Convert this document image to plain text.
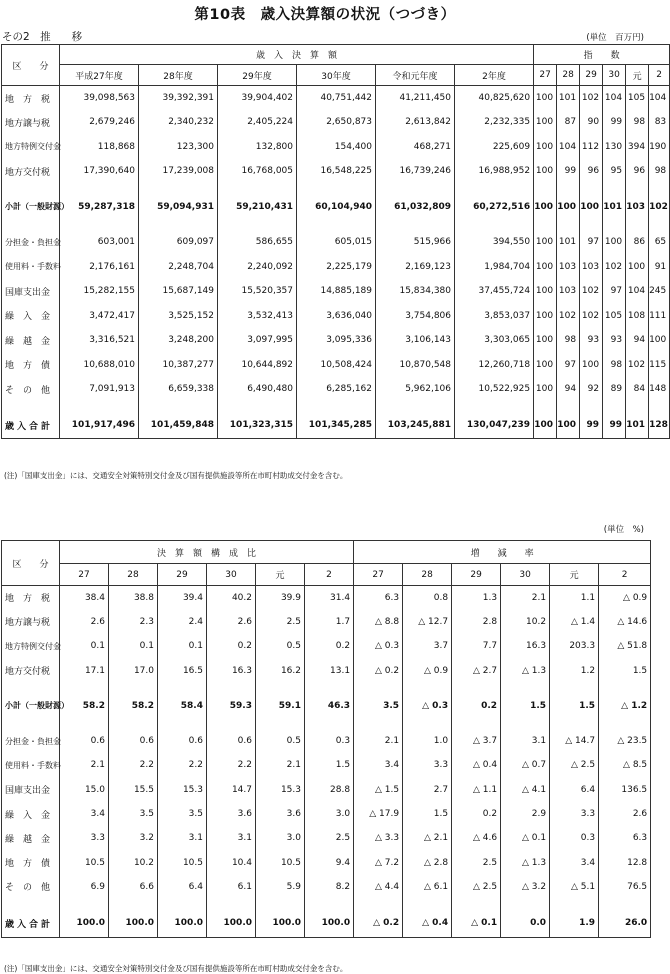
第10表　歳入決算額の状況（つづき）
その2　推　　移	(単位　百万円)
区　　分	歳　入　決　算　額						指　　数					
	平成27年度	28年度	29年度	30年度	令和元年度	2年度	27	28	29	30	元	2
地　方　税	39,098,563	39,392,391	39,904,402	40,751,442	41,211,450	40,825,620	100	101	102	104	105	104
地方譲与税	2,679,246	2,340,232	2,405,224	2,650,873	2,613,842	2,232,335	100	87	90	99	98	83
地方特例交付金	118,868	123,300	132,800	154,400	468,271	225,609	100	104	112	130	394	190
地方交付税	17,390,640	17,239,008	16,768,005	16,548,225	16,739,246	16,988,952	100	99	96	95	96	98

小計（一般財源）	59,287,318	59,094,931	59,210,431	60,104,940	61,032,809	60,272,516	100	100	100	101	103	102

分担金・負担金	603,001	609,097	586,655	605,015	515,966	394,550	100	101	97	100	86	65
使用料・手数料	2,176,161	2,248,704	2,240,092	2,225,179	2,169,123	1,984,704	100	103	103	102	100	91
国庫支出金	15,282,155	15,687,149	15,520,357	14,885,189	15,834,380	37,455,724	100	103	102	97	104	245
繰　入　金	3,472,417	3,525,152	3,532,413	3,636,040	3,754,806	3,853,037	100	102	102	105	108	111
繰　越　金	3,316,521	3,248,200	3,097,995	3,095,336	3,106,143	3,303,065	100	98	93	93	94	100
地　方　債	10,688,010	10,387,277	10,644,892	10,508,424	10,870,548	12,260,718	100	97	100	98	102	115
そ　の　他	7,091,913	6,659,338	6,490,480	6,285,162	5,962,106	10,522,925	100	94	92	89	84	148

歳入合計	101,917,496	101,459,848	101,323,315	101,345,285	103,245,881	130,047,239	100	100	99	99	101	128
(注)「国庫支出金」には、交通安全対策特別交付金及び国有提供施設等所在市町村助成交付金を含む。
(単位　%)
区　　分	決　算　額　構　成　比						増　　減　　率					
	27	28	29	30	元	2	27	28	29	30	元	2
地　方　税	38.4	38.8	39.4	40.2	39.9	31.4	6.3	0.8	1.3	2.1	1.1	△ 0.9
地方譲与税	2.6	2.3	2.4	2.6	2.5	1.7	△ 8.8	△ 12.7	2.8	10.2	△ 1.4	△ 14.6
地方特例交付金	0.1	0.1	0.1	0.2	0.5	0.2	△ 0.3	3.7	7.7	16.3	203.3	△ 51.8
地方交付税	17.1	17.0	16.5	16.3	16.2	13.1	△ 0.2	△ 0.9	△ 2.7	△ 1.3	1.2	1.5

小計（一般財源）	58.2	58.2	58.4	59.3	59.1	46.3	3.5	△ 0.3	0.2	1.5	1.5	△ 1.2

分担金・負担金	0.6	0.6	0.6	0.6	0.5	0.3	2.1	1.0	△ 3.7	3.1	△ 14.7	△ 23.5
使用料・手数料	2.1	2.2	2.2	2.2	2.1	1.5	3.4	3.3	△ 0.4	△ 0.7	△ 2.5	△ 8.5
国庫支出金	15.0	15.5	15.3	14.7	15.3	28.8	△ 1.5	2.7	△ 1.1	△ 4.1	6.4	136.5
繰　入　金	3.4	3.5	3.5	3.6	3.6	3.0	△ 17.9	1.5	0.2	2.9	3.3	2.6
繰　越　金	3.3	3.2	3.1	3.1	3.0	2.5	△ 3.3	△ 2.1	△ 4.6	△ 0.1	0.3	6.3
地　方　債	10.5	10.2	10.5	10.4	10.5	9.4	△ 7.2	△ 2.8	2.5	△ 1.3	3.4	12.8
そ　の　他	6.9	6.6	6.4	6.1	5.9	8.2	△ 4.4	△ 6.1	△ 2.5	△ 3.2	△ 5.1	76.5

歳入合計	100.0	100.0	100.0	100.0	100.0	100.0	△ 0.2	△ 0.4	△ 0.1	0.0	1.9	26.0
(注)「国庫支出金」には、交通安全対策特別交付金及び国有提供施設等所在市町村助成交付金を含む。
